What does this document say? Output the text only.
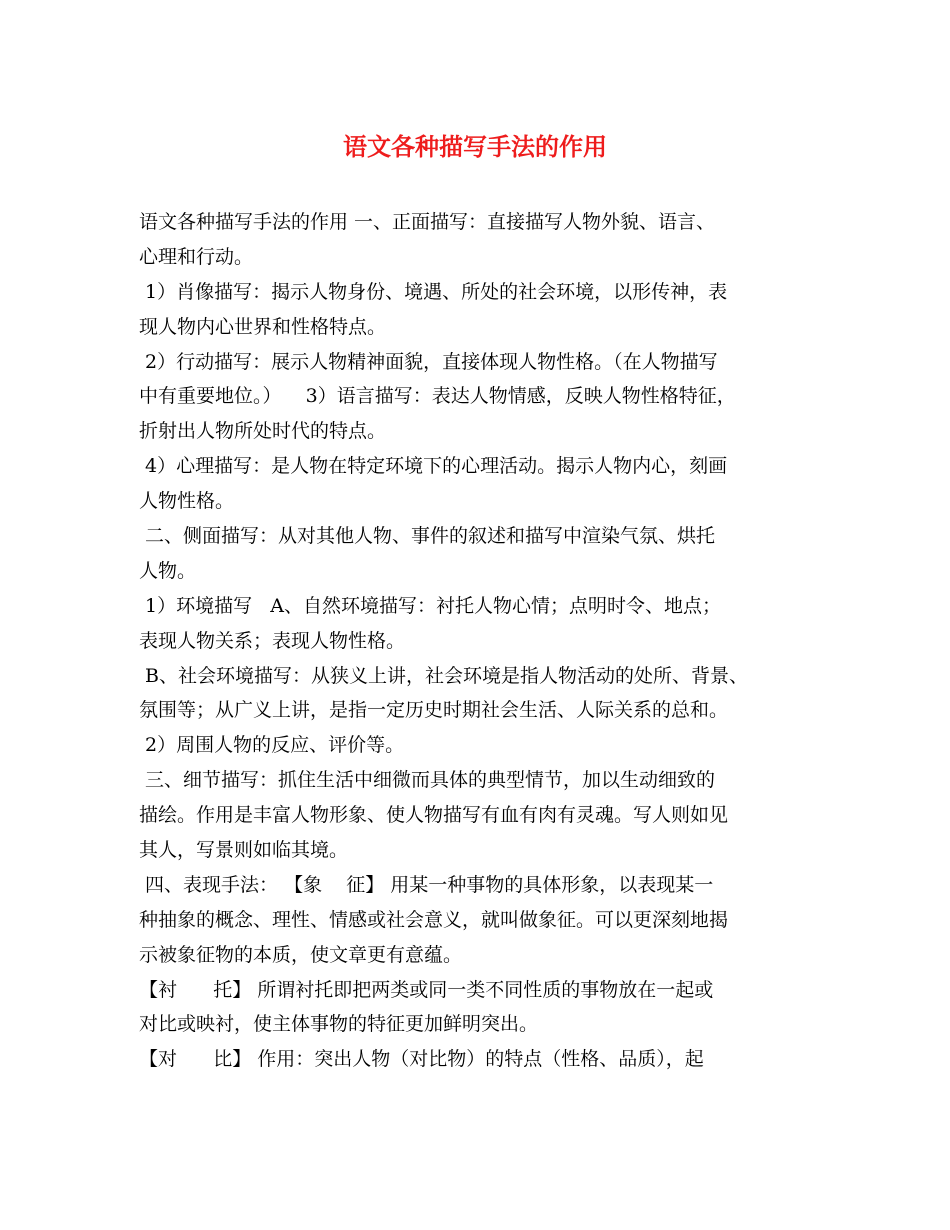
语文各种描写手法的作用
语文各种描写手法的作用 一、正面描写：直接描写人物外貌、语言、
心理和行动。
1）肖像描写：揭示人物身份、境遇、所处的社会环境，以形传神，表
现人物内心世界和性格特点。
2）行动描写：展示人物精神面貌，直接体现人物性格。（在人物描写
中有重要地位。）    3）语言描写：表达人物情感，反映人物性格特征，
折射出人物所处时代的特点。
4）心理描写：是人物在特定环境下的心理活动。揭示人物内心，刻画
人物性格。
二、侧面描写：从对其他人物、事件的叙述和描写中渲染气氛、烘托
人物。
1）环境描写   A、自然环境描写：衬托人物心情；点明时令、地点；
表现人物关系；表现人物性格。
B、社会环境描写：从狭义上讲，社会环境是指人物活动的处所、背景、
氛围等；从广义上讲，是指一定历史时期社会生活、人际关系的总和。
2）周围人物的反应、评价等。
三、细节描写：抓住生活中细微而具体的典型情节，加以生动细致的
描绘。作用是丰富人物形象、使人物描写有血有肉有灵魂。写人则如见
其人，写景则如临其境。
四、表现手法： 【象    征】 用某一种事物的具体形象，以表现某一
种抽象的概念、理性、情感或社会意义，就叫做象征。可以更深刻地揭
示被象征物的本质，使文章更有意蕴。
【衬      托】 所谓衬托即把两类或同一类不同性质的事物放在一起或
对比或映衬，使主体事物的特征更加鲜明突出。
【对      比】 作用：突出人物（对比物）的特点（性格、品质），起
